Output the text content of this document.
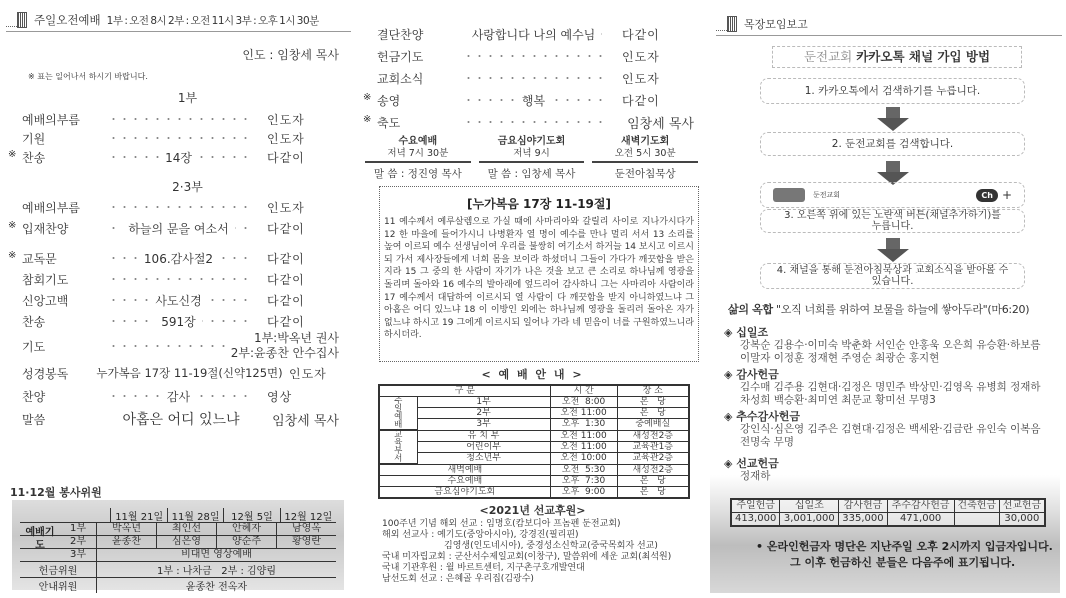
주일오전예배 1부 : 오전 8시 2부 : 오전 11시 3부 : 오후 1시 30분
인도 : 임창세 목사
※ 표는 일어나서 하시기 바랍니다.
1부
예배의부름	인도자
기원	인도자
※ 찬송	14장	다같이
2·3부
예배의부름	인도자
※ 입재찬양	하늘의 문을 여소서	다같이
※ 교독문	106.감사절2	다같이
참회기도	다같이
신앙고백	사도신경	다같이
찬송	591장	다같이
기도
1부:박옥년 권사
2부:윤종찬 안수집사
성경봉독	누가복음 17장 11-19절(신약125면) 인도자
찬양	감사	영상
말씀	아홉은 어디 있느냐	임창세 목사
11·12월 봉사위원

11월 21일 11월 28일	12월 5일	12월 12일
1부	박옥년	최인선	안혜자	남영옥
2부	윤종찬	심은영	양순주	황영란
3부	비대면 영상예배
예배기도
헌금위원	1부 : 나차금   2부 : 김양림
안내위원	윤종찬 전옥자
결단찬양	사랑합니다 나의 예수님	다같이
헌금기도	인도자
교회소식	인도자
※ 송영	행복	다같이
※ 축도	임창세 목사
수요예배
저녁 7시 30분
말 씀 : 정진영 목사
금요심야기도회
저녁 9시
말 씀 : 임창세 목사
새벽기도회
오전 5시 30분
둔전아침묵상
[누가복음 17장 11-19절]
11 예수께서 예루살렘으로 가실 때에 사마리아와 갈릴리 사이로 지나가시다가 12 한 마을에 들어가시니 나병환자 열 명이 예수를 만나 멀리 서서 13 소리를 높여 이르되 예수 선생님이여 우리를 불쌍히 여기소서 하거늘 14 보시고 이르시되 가서 제사장들에게 너희 몸을 보이라 하셨더니 그들이 가다가 깨끗함을 받은지라 15 그 중의 한 사람이 자기가 나은 것을 보고 큰 소리로 하나님께 영광을 돌리며 돌아와 16 예수의 발아래에 엎드리어 감사하니 그는 사마리아 사람이라 17 예수께서 대답하여 이르시되 열 사람이 다 깨끗함을 받지 아니하였느냐 그 아홉은 어디 있느냐 18 이 이방인 외에는 하나님께 영광을 돌리러 돌아온 자가 없느냐 하시고 19 그에게 이르시되 일어나 가라 네 믿음이 너를 구원하였느니라 하시더라.
< 예 배 안 내 >
구 분		시 간	장 소
주일예배	1부	오전  8:00	본   당
	2부	오전 11:00	본   당
	3부	오후  1:30	중예배실
교육부서	유 치 부	오전 11:00	새성전2층
	어린이부	오전 11:00	교육관1층
	청소년부	오전 10:00	교육관2층
새벽예배		오전  5:30	새성전2층
수요예배		오후  7:30	본   당
금요심야기도회		오후  9:00	본   당
<2021년 선교후원>
100주년 기념 해외 선교 : 임명호(캄보디아 프놈펜 둔전교회)
해외 선교사 : 예기도(중앙아시아), 강경진(필리핀)
김영생(인도네시아), 중경성소신학교(중국목회자 선교)
국내 미자립교회 : 군산서수제일교회(이창구), 말씀위에 세운 교회(최석원)
국내 기관후원 : 월 바르트센터, 지구촌구호개발연대
남선도회 선교 : 은혜골 우리집(김광수)
목장모임보고
둔전교회 카카오톡 채널 가입 방법
1. 카카오톡에서 검색하기를 누릅니다.
2. 둔전교회를 검색합니다.
둔전교회	Ch +
3. 오른쪽 위에 있는 노란색 버튼(채널추가하기)를
누릅니다.
4. 채널을 통해 둔전아침묵상과 교회소식을 받아볼 수
있습니다.
삶의 옥합 "오직 너희를 위하여 보물을 하늘에 쌓아두라"(마6:20)
◈ 십일조

강복순 김용수·이미숙 박춘화 서인순 안홍욱 오은희 유승환·하보름 이말자 이정훈 정재현 주영순 최광순 홍지현

◈ 감사헌금

김수매 김주용 김현대·김정은 명민주 박상민·김영옥 유병희 정재하 차성희 백승환·최미연 최문교 황미선 무명3

◈ 추수감사헌금

강인식·심은영 김주은 김현대·김정은 백세완·김금란 유인숙 이복음 전명숙 무명

◈ 선교헌금

정재하

주일헌금	십일조	감사헌금	추수감사헌금	건축헌금	선교헌금
413,000	3,001,000	335,000	471,000		30,000
• 온라인헌금자 명단은 지난주일 오후 2시까지 입금자입니다.
그 이후 헌금하신 분들은 다음주에 표기됩니다.
